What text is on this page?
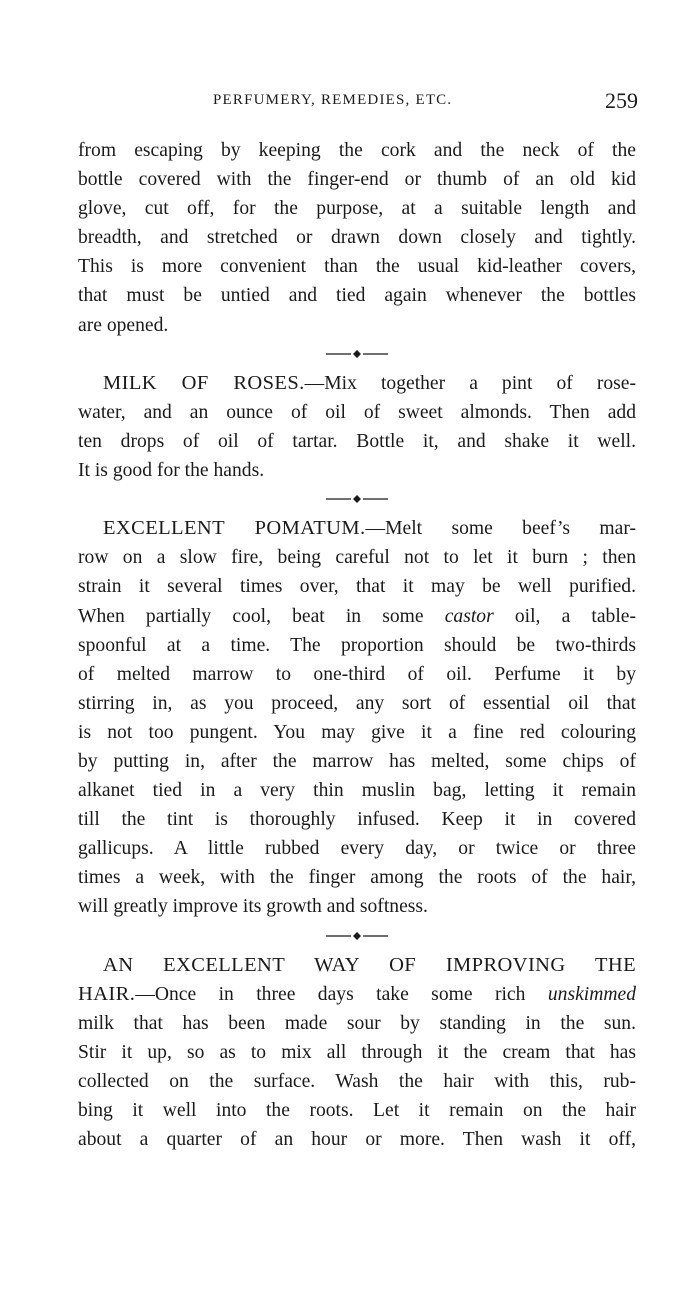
PERFUMERY, REMEDIES, ETC.	259
from escaping by keeping the cork and the neck of the
bottle covered with the finger-end or thumb of an old kid
glove, cut off, for the purpose, at a suitable length and
breadth, and stretched or drawn down closely and tightly.
This is more convenient than the usual kid-leather covers,
that must be untied and tied again whenever the bottles
are opened.
MILK OF ROSES.—Mix together a pint of rose-
water, and an ounce of oil of sweet almonds. Then add
ten drops of oil of tartar. Bottle it, and shake it well.
It is good for the hands.
EXCELLENT POMATUM.—Melt some beef’s mar-
row on a slow fire, being careful not to let it burn ; then
strain it several times over, that it may be well purified.
When partially cool, beat in some castor oil, a table-
spoonful at a time. The proportion should be two-thirds
of melted marrow to one-third of oil. Perfume it by
stirring in, as you proceed, any sort of essential oil that
is not too pungent. You may give it a fine red colouring
by putting in, after the marrow has melted, some chips of
alkanet tied in a very thin muslin bag, letting it remain
till the tint is thoroughly infused. Keep it in covered
gallicups. A little rubbed every day, or twice or three
times a week, with the finger among the roots of the hair,
will greatly improve its growth and softness.
AN EXCELLENT WAY OF IMPROVING THE
HAIR.—Once in three days take some rich unskimmed
milk that has been made sour by standing in the sun.
Stir it up, so as to mix all through it the cream that has
collected on the surface. Wash the hair with this, rub-
bing it well into the roots. Let it remain on the hair
about a quarter of an hour or more. Then wash it off,
